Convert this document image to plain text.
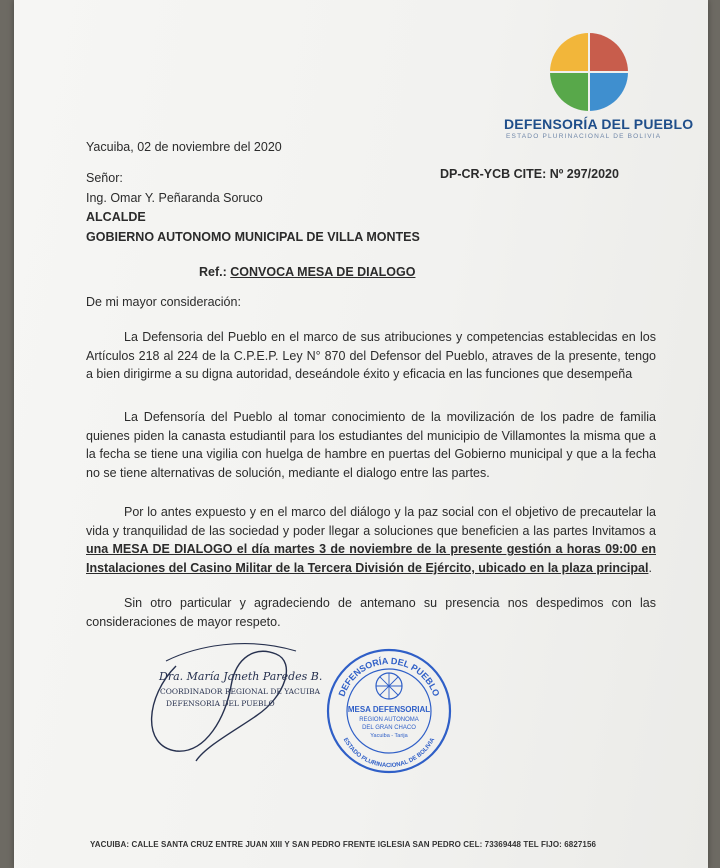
DEFENSORÍA DEL PUEBLO
ESTADO PLURINACIONAL DE BOLIVIA
Yacuiba, 02 de noviembre del 2020
DP-CR-YCB CITE: Nº 297/2020
Señor:
Ing. Omar Y. Peñaranda Soruco
ALCALDE
GOBIERNO AUTONOMO MUNICIPAL DE VILLA MONTES
Ref.: CONVOCA MESA DE DIALOGO
De mi mayor consideración:
La Defensoria del Pueblo en el marco de sus atribuciones y competencias establecidas en los Artículos 218 al 224 de la C.P.E.P. Ley N° 870 del Defensor del Pueblo, atraves de la presente, tengo a bien dirigirme a su digna autoridad, deseándole éxito y eficacia en las funciones que desempeña
La Defensoría del Pueblo al tomar conocimiento de la movilización de los padre de familia quienes piden la canasta estudiantil para los estudiantes del municipio de Villamontes la misma que a la fecha se tiene una vigilia con huelga de hambre en puertas del Gobierno municipal y que a la fecha no se tiene alternativas de solución, mediante el dialogo entre las partes.
Por lo antes expuesto y en el marco del diálogo y la paz social con el objetivo de precautelar la vida y tranquilidad de las sociedad y poder llegar a soluciones que beneficien a las partes Invitamos a una MESA DE DIALOGO el día martes 3 de noviembre de la presente gestión a horas 09:00 en Instalaciones del Casino Militar de la Tercera División de Ejército, ubicado en la plaza principal.
Sin otro particular y agradeciendo de antemano su presencia nos despedimos con las consideraciones de mayor respeto.
Dra. María Janeth Paredes B.
COORDINADOR REGIONAL DE YACUIBA
DEFENSORIA DEL PUEBLO
DEFENSORÍA DEL PUEBLO
ESTADO PLURINACIONAL DE BOLIVIA
MESA DEFENSORIAL
REGION AUTONOMA
DEL GRAN CHACO
Yacuiba - Tarija
YACUIBA: CALLE SANTA CRUZ ENTRE JUAN XIII Y SAN PEDRO FRENTE IGLESIA SAN PEDRO CEL: 73369448 TEL FIJO: 6827156
